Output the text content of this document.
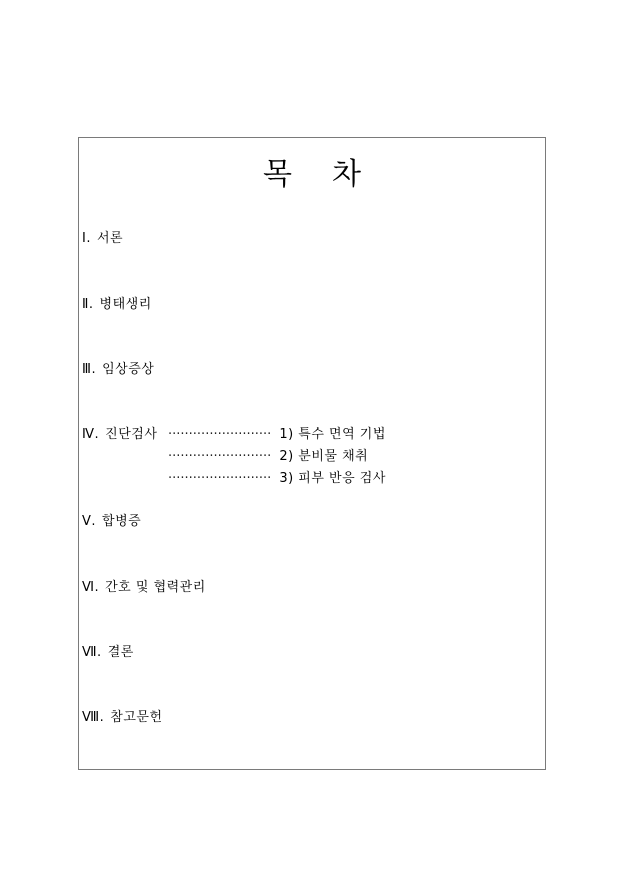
목 차
Ⅰ. 서론
Ⅱ. 병태생리
Ⅲ. 임상증상
Ⅳ. 진단검사 ························· 1) 특수 면역 기법
························· 2) 분비물 채취
························· 3) 피부 반응 검사
Ⅴ. 합병증
Ⅵ. 간호 및 협력관리
Ⅶ. 결론
Ⅷ. 참고문헌
